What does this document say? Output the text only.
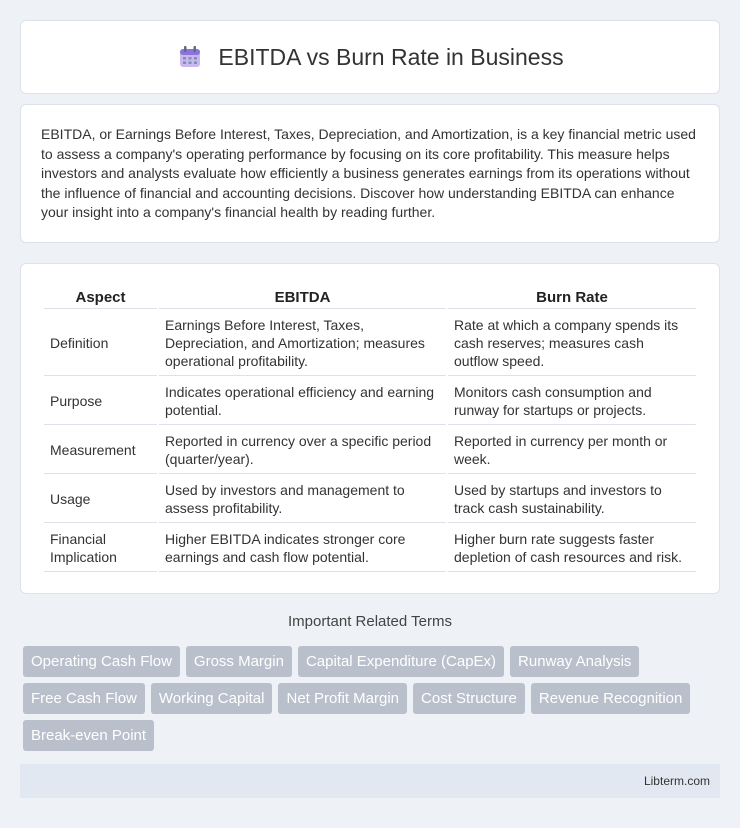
EBITDA vs Burn Rate in Business

EBITDA, or Earnings Before Interest, Taxes, Depreciation, and Amortization, is a key financial metric used to assess a company's operating performance by focusing on its core profitability. This measure helps investors and analysts evaluate how efficiently a business generates earnings from its operations without the influence of financial and accounting decisions. Discover how understanding EBITDA can enhance your insight into a company's financial health by reading further.

Aspect	EBITDA	Burn Rate
Definition	Earnings Before Interest, Taxes, Depreciation, and Amortization; measures operational profitability.	Rate at which a company spends its cash reserves; measures cash outflow speed.
Purpose	Indicates operational efficiency and earning potential.	Monitors cash consumption and runway for startups or projects.
Measurement	Reported in currency over a specific period (quarter/year).	Reported in currency per month or week.
Usage	Used by investors and management to assess profitability.	Used by startups and investors to track cash sustainability.
Financial Implication	Higher EBITDA indicates stronger core earnings and cash flow potential.	Higher burn rate suggests faster depletion of cash resources and risk.
Important Related Terms
Operating Cash Flow	Gross Margin	Capital Expenditure (CapEx)	Runway Analysis
Free Cash Flow	Working Capital	Net Profit Margin	Cost Structure	Revenue Recognition
Break-even Point
Libterm.com
